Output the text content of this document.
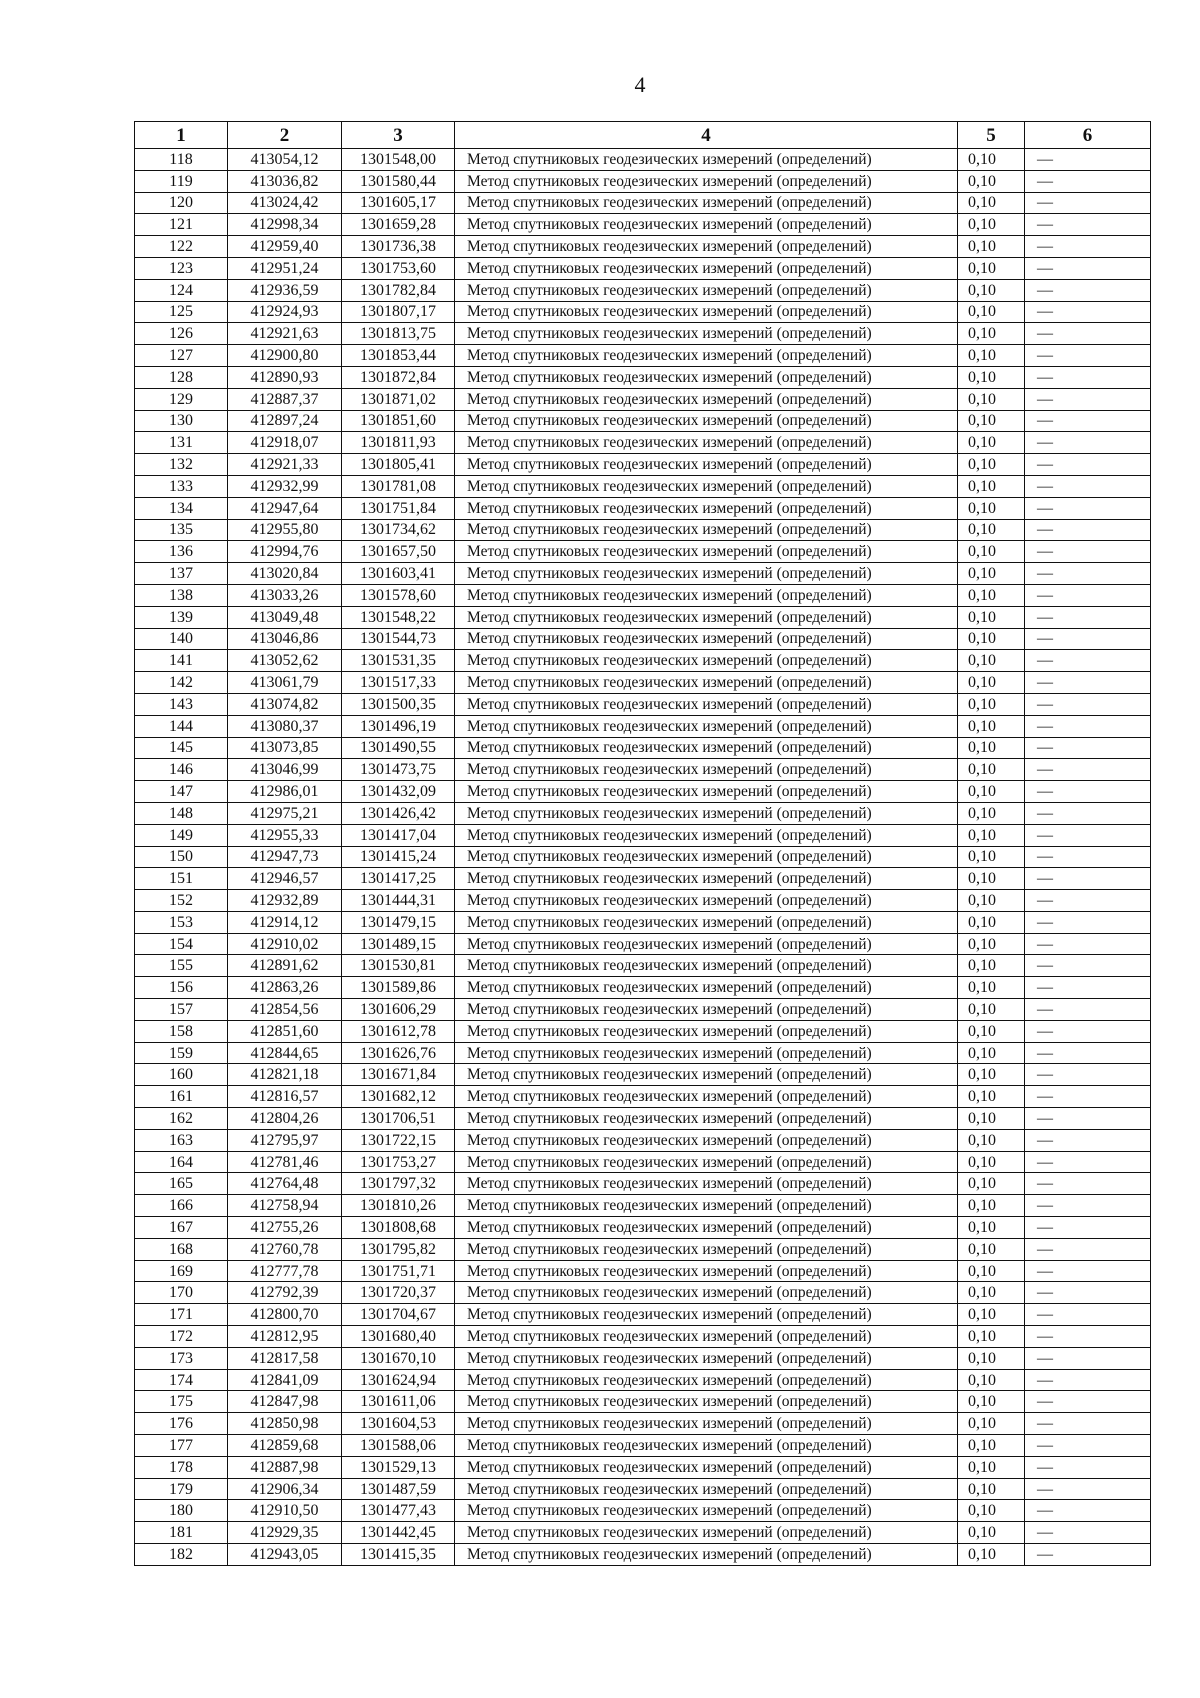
4
1	2	3	4	5	6
118	413054,12	1301548,00	Метод спутниковых геодезических измерений (определений)	0,10	—
119	413036,82	1301580,44	Метод спутниковых геодезических измерений (определений)	0,10	—
120	413024,42	1301605,17	Метод спутниковых геодезических измерений (определений)	0,10	—
121	412998,34	1301659,28	Метод спутниковых геодезических измерений (определений)	0,10	—
122	412959,40	1301736,38	Метод спутниковых геодезических измерений (определений)	0,10	—
123	412951,24	1301753,60	Метод спутниковых геодезических измерений (определений)	0,10	—
124	412936,59	1301782,84	Метод спутниковых геодезических измерений (определений)	0,10	—
125	412924,93	1301807,17	Метод спутниковых геодезических измерений (определений)	0,10	—
126	412921,63	1301813,75	Метод спутниковых геодезических измерений (определений)	0,10	—
127	412900,80	1301853,44	Метод спутниковых геодезических измерений (определений)	0,10	—
128	412890,93	1301872,84	Метод спутниковых геодезических измерений (определений)	0,10	—
129	412887,37	1301871,02	Метод спутниковых геодезических измерений (определений)	0,10	—
130	412897,24	1301851,60	Метод спутниковых геодезических измерений (определений)	0,10	—
131	412918,07	1301811,93	Метод спутниковых геодезических измерений (определений)	0,10	—
132	412921,33	1301805,41	Метод спутниковых геодезических измерений (определений)	0,10	—
133	412932,99	1301781,08	Метод спутниковых геодезических измерений (определений)	0,10	—
134	412947,64	1301751,84	Метод спутниковых геодезических измерений (определений)	0,10	—
135	412955,80	1301734,62	Метод спутниковых геодезических измерений (определений)	0,10	—
136	412994,76	1301657,50	Метод спутниковых геодезических измерений (определений)	0,10	—
137	413020,84	1301603,41	Метод спутниковых геодезических измерений (определений)	0,10	—
138	413033,26	1301578,60	Метод спутниковых геодезических измерений (определений)	0,10	—
139	413049,48	1301548,22	Метод спутниковых геодезических измерений (определений)	0,10	—
140	413046,86	1301544,73	Метод спутниковых геодезических измерений (определений)	0,10	—
141	413052,62	1301531,35	Метод спутниковых геодезических измерений (определений)	0,10	—
142	413061,79	1301517,33	Метод спутниковых геодезических измерений (определений)	0,10	—
143	413074,82	1301500,35	Метод спутниковых геодезических измерений (определений)	0,10	—
144	413080,37	1301496,19	Метод спутниковых геодезических измерений (определений)	0,10	—
145	413073,85	1301490,55	Метод спутниковых геодезических измерений (определений)	0,10	—
146	413046,99	1301473,75	Метод спутниковых геодезических измерений (определений)	0,10	—
147	412986,01	1301432,09	Метод спутниковых геодезических измерений (определений)	0,10	—
148	412975,21	1301426,42	Метод спутниковых геодезических измерений (определений)	0,10	—
149	412955,33	1301417,04	Метод спутниковых геодезических измерений (определений)	0,10	—
150	412947,73	1301415,24	Метод спутниковых геодезических измерений (определений)	0,10	—
151	412946,57	1301417,25	Метод спутниковых геодезических измерений (определений)	0,10	—
152	412932,89	1301444,31	Метод спутниковых геодезических измерений (определений)	0,10	—
153	412914,12	1301479,15	Метод спутниковых геодезических измерений (определений)	0,10	—
154	412910,02	1301489,15	Метод спутниковых геодезических измерений (определений)	0,10	—
155	412891,62	1301530,81	Метод спутниковых геодезических измерений (определений)	0,10	—
156	412863,26	1301589,86	Метод спутниковых геодезических измерений (определений)	0,10	—
157	412854,56	1301606,29	Метод спутниковых геодезических измерений (определений)	0,10	—
158	412851,60	1301612,78	Метод спутниковых геодезических измерений (определений)	0,10	—
159	412844,65	1301626,76	Метод спутниковых геодезических измерений (определений)	0,10	—
160	412821,18	1301671,84	Метод спутниковых геодезических измерений (определений)	0,10	—
161	412816,57	1301682,12	Метод спутниковых геодезических измерений (определений)	0,10	—
162	412804,26	1301706,51	Метод спутниковых геодезических измерений (определений)	0,10	—
163	412795,97	1301722,15	Метод спутниковых геодезических измерений (определений)	0,10	—
164	412781,46	1301753,27	Метод спутниковых геодезических измерений (определений)	0,10	—
165	412764,48	1301797,32	Метод спутниковых геодезических измерений (определений)	0,10	—
166	412758,94	1301810,26	Метод спутниковых геодезических измерений (определений)	0,10	—
167	412755,26	1301808,68	Метод спутниковых геодезических измерений (определений)	0,10	—
168	412760,78	1301795,82	Метод спутниковых геодезических измерений (определений)	0,10	—
169	412777,78	1301751,71	Метод спутниковых геодезических измерений (определений)	0,10	—
170	412792,39	1301720,37	Метод спутниковых геодезических измерений (определений)	0,10	—
171	412800,70	1301704,67	Метод спутниковых геодезических измерений (определений)	0,10	—
172	412812,95	1301680,40	Метод спутниковых геодезических измерений (определений)	0,10	—
173	412817,58	1301670,10	Метод спутниковых геодезических измерений (определений)	0,10	—
174	412841,09	1301624,94	Метод спутниковых геодезических измерений (определений)	0,10	—
175	412847,98	1301611,06	Метод спутниковых геодезических измерений (определений)	0,10	—
176	412850,98	1301604,53	Метод спутниковых геодезических измерений (определений)	0,10	—
177	412859,68	1301588,06	Метод спутниковых геодезических измерений (определений)	0,10	—
178	412887,98	1301529,13	Метод спутниковых геодезических измерений (определений)	0,10	—
179	412906,34	1301487,59	Метод спутниковых геодезических измерений (определений)	0,10	—
180	412910,50	1301477,43	Метод спутниковых геодезических измерений (определений)	0,10	—
181	412929,35	1301442,45	Метод спутниковых геодезических измерений (определений)	0,10	—
182	412943,05	1301415,35	Метод спутниковых геодезических измерений (определений)	0,10	—
